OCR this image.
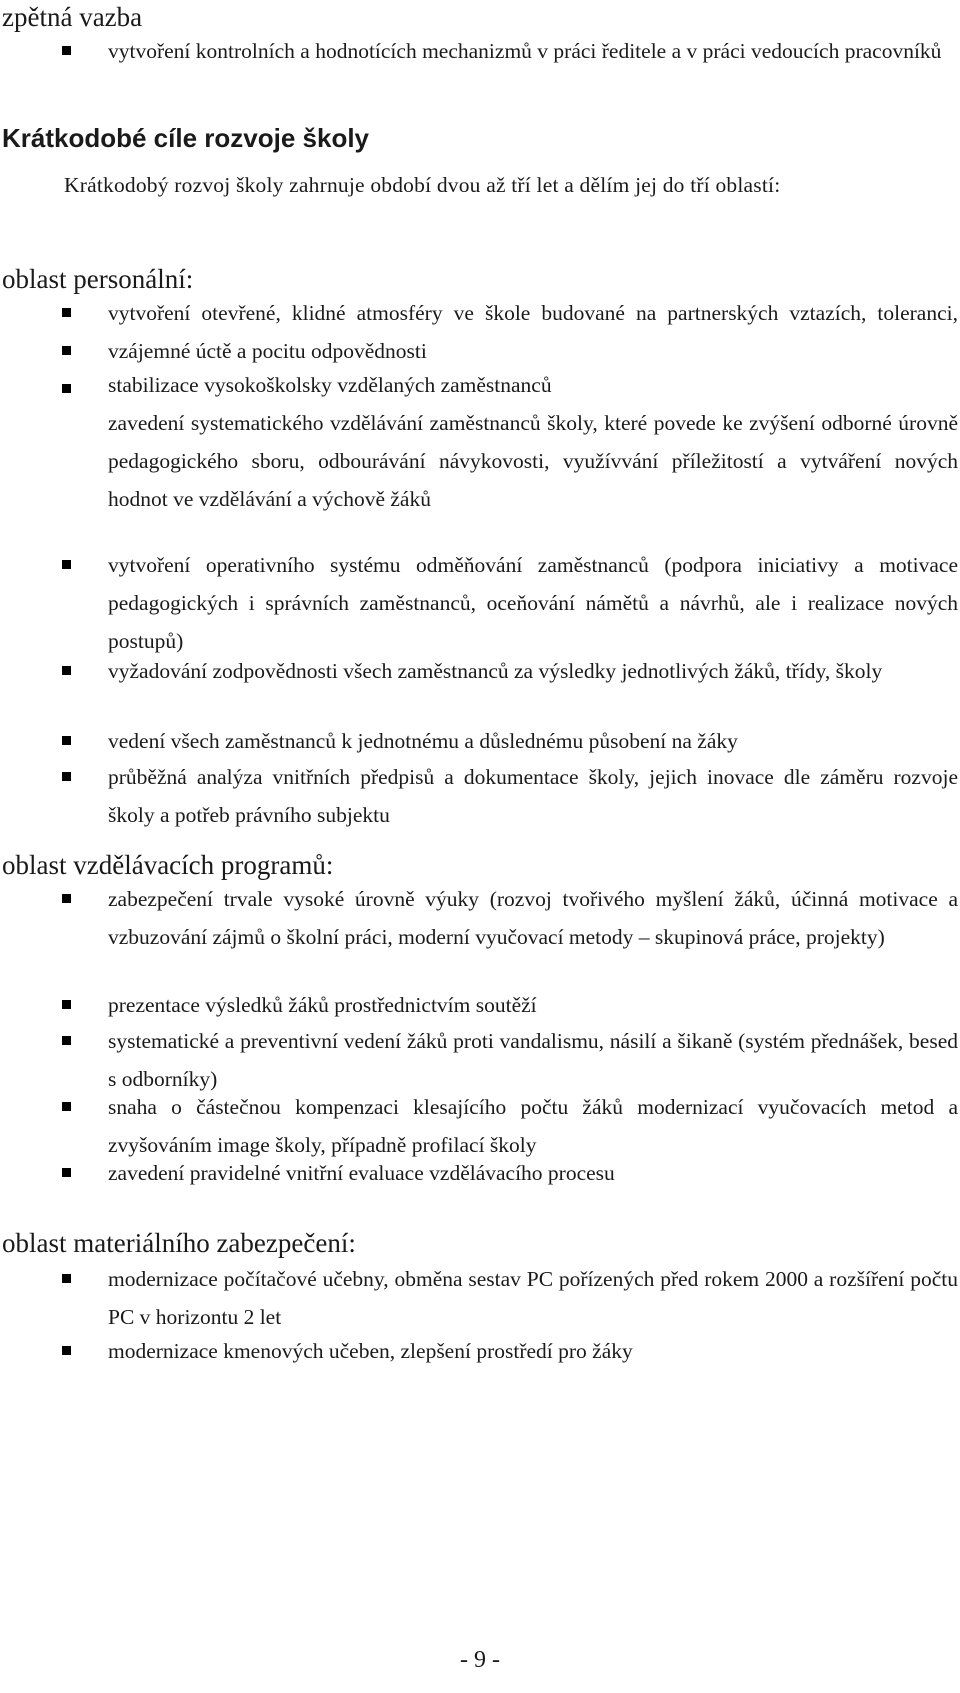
zpětná vazba
vytvoření kontrolních a hodnotících mechanizmů v práci ředitele a v práci vedoucích pracovníků
Krátkodobé cíle rozvoje školy
Krátkodobý rozvoj školy zahrnuje období dvou až tří let a dělím jej do tří oblastí:
oblast personální:
vytvoření otevřené, klidné atmosféry ve škole budované na partnerských vztazích, toleranci, vzájemné úctě a pocitu odpovědnosti
stabilizace vysokoškolsky vzdělaných zaměstnanců
zavedení systematického vzdělávání zaměstnanců školy, které povede ke zvýšení odborné úrovně pedagogického sboru, odbourávání návykovosti, využívvání příležitostí a vytváření nových hodnot ve vzdělávání a výchově žáků
vytvoření operativního systému odměňování zaměstnanců (podpora iniciativy a motivace pedagogických i správních zaměstnanců, oceňování námětů a návrhů, ale i realizace nových postupů)
vyžadování zodpovědnosti všech zaměstnanců za výsledky jednotlivých žáků, třídy, školy
vedení všech zaměstnanců k jednotnému a důslednému působení na žáky
průběžná analýza vnitřních předpisů a dokumentace školy, jejich inovace dle záměru rozvoje školy a potřeb právního subjektu
oblast vzdělávacích programů:
zabezpečení trvale vysoké úrovně výuky (rozvoj tvořivého myšlení žáků, účinná motivace a vzbuzování zájmů o školní práci, moderní vyučovací metody – skupinová práce, projekty)
prezentace výsledků žáků prostřednictvím soutěží
systematické a preventivní vedení žáků proti vandalismu, násilí a šikaně (systém přednášek, besed s odborníky)
snaha o částečnou kompenzaci klesajícího počtu žáků modernizací vyučovacích metod a zvyšováním image školy, případně profilací školy
zavedení pravidelné vnitřní evaluace vzdělávacího procesu
oblast materiálního zabezpečení:
modernizace počítačové učebny, obměna sestav PC pořízených před rokem 2000 a rozšíření počtu PC v horizontu 2 let
modernizace kmenových učeben, zlepšení prostředí pro žáky
- 9 -
